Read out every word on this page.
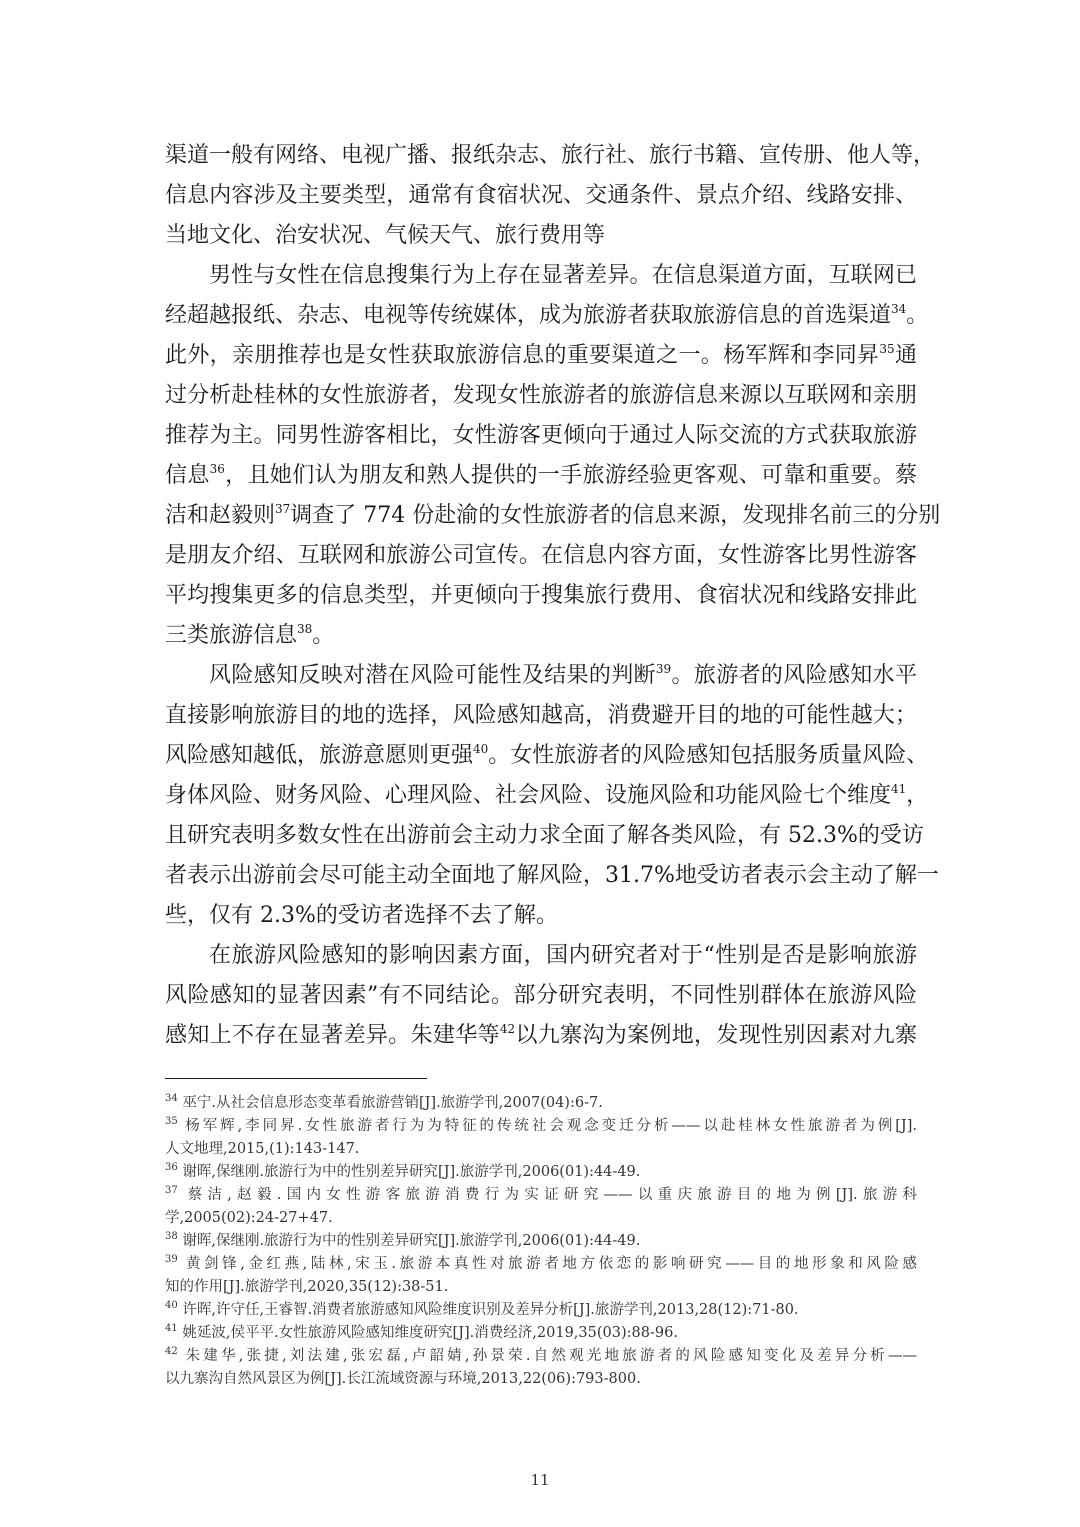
渠道一般有网络、电视广播、报纸杂志、旅行社、旅行书籍、宣传册、他人等，
信息内容涉及主要类型，通常有食宿状况、交通条件、景点介绍、线路安排、
当地文化、治安状况、气候天气、旅行费用等
男性与女性在信息搜集行为上存在显著差异。在信息渠道方面，互联网已
经超越报纸、杂志、电视等传统媒体，成为旅游者获取旅游信息的首选渠道$^{34}$。
此外，亲朋推荐也是女性获取旅游信息的重要渠道之一。杨军辉和李同昇$^{35}$通
过分析赴桂林的女性旅游者，发现女性旅游者的旅游信息来源以互联网和亲朋
推荐为主。同男性游客相比，女性游客更倾向于通过人际交流的方式获取旅游
信息$^{36}$，且她们认为朋友和熟人提供的一手旅游经验更客观、可靠和重要。蔡
洁和赵毅则$^{37}$调查了 774 份赴渝的女性旅游者的信息来源，发现排名前三的分别
是朋友介绍、互联网和旅游公司宣传。在信息内容方面，女性游客比男性游客
平均搜集更多的信息类型，并更倾向于搜集旅行费用、食宿状况和线路安排此
三类旅游信息$^{38}$。
风险感知反映对潜在风险可能性及结果的判断$^{39}$。旅游者的风险感知水平
直接影响旅游目的地的选择，风险感知越高，消费避开目的地的可能性越大；
风险感知越低，旅游意愿则更强$^{40}$。女性旅游者的风险感知包括服务质量风险、
身体风险、财务风险、心理风险、社会风险、设施风险和功能风险七个维度$^{41}$，
且研究表明多数女性在出游前会主动力求全面了解各类风险，有 52.3%的受访
者表示出游前会尽可能主动全面地了解风险，31.7%地受访者表示会主动了解一
些，仅有 2.3%的受访者选择不去了解。
在旅游风险感知的影响因素方面，国内研究者对于“性别是否是影响旅游
风险感知的显著因素”有不同结论。部分研究表明，不同性别群体在旅游风险
感知上不存在显著差异。朱建华等$^{42}$以九寨沟为案例地，发现性别因素对九寨
$^{34}$ 巫宁.从社会信息形态变革看旅游营销[J].旅游学刊,2007(04):6-7.
$^{35}$ 杨军辉,李同昇.女性旅游者行为为特征的传统社会观念变迁分析——以赴桂林女性旅游者为例[J].
人文地理,2015,(1):143-147.
$^{36}$ 谢晖,保继刚.旅游行为中的性别差异研究[J].旅游学刊,2006(01):44-49.
$^{37}$ 蔡洁,赵毅.国内女性游客旅游消费行为实证研究——以重庆旅游目的地为例[J].旅游科
学,2005(02):24-27+47.
$^{38}$ 谢晖,保继刚.旅游行为中的性别差异研究[J].旅游学刊,2006(01):44-49.
$^{39}$ 黄剑锋,金红燕,陆林,宋玉.旅游本真性对旅游者地方依恋的影响研究——目的地形象和风险感
知的作用[J].旅游学刊,2020,35(12):38-51.
$^{40}$ 许晖,许守任,王睿智.消费者旅游感知风险维度识别及差异分析[J].旅游学刊,2013,28(12):71-80.
$^{41}$ 姚延波,侯平平.女性旅游风险感知维度研究[J].消费经济,2019,35(03):88-96.
$^{42}$ 朱建华,张捷,刘法建,张宏磊,卢韶婧,孙景荣.自然观光地旅游者的风险感知变化及差异分析——
以九寨沟自然风景区为例[J].长江流域资源与环境,2013,22(06):793-800.
11
